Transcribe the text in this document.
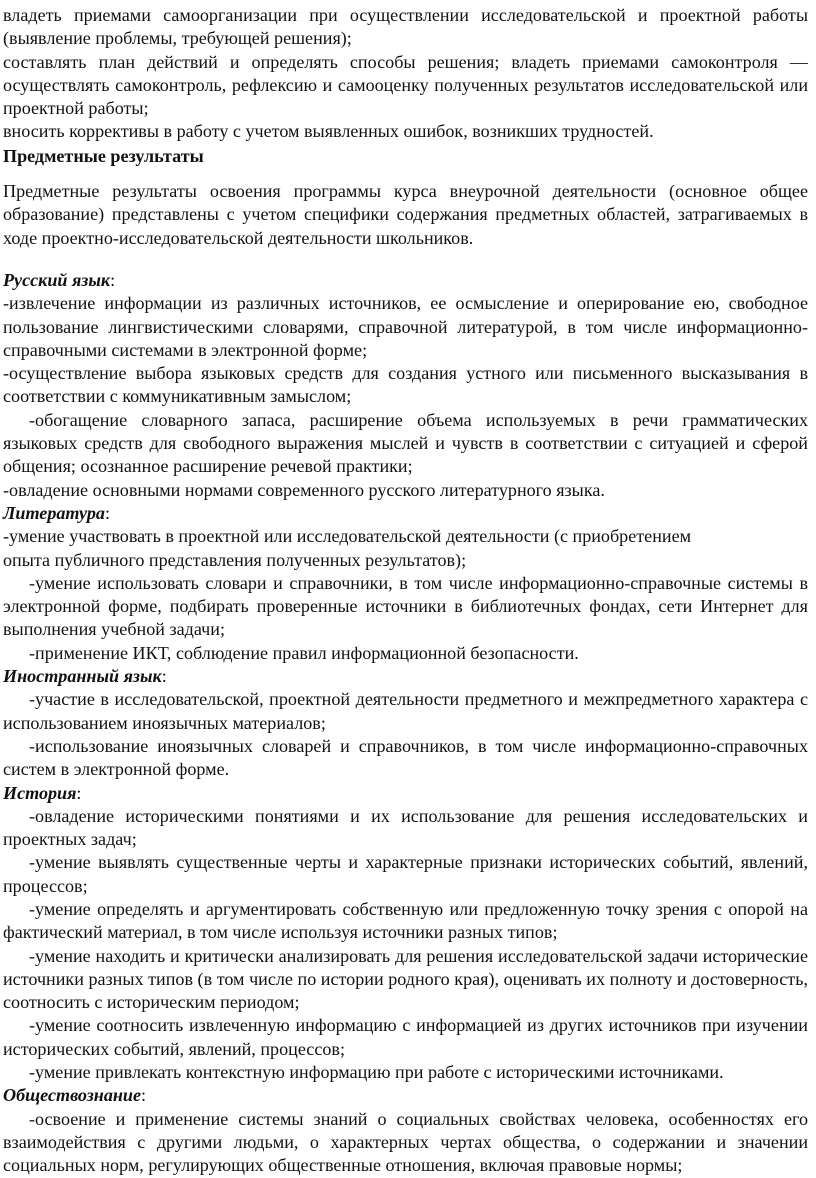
владеть приемами самоорганизации при осуществлении исследовательской и проектной работы (выявление проблемы, требующей решения);

составлять план действий и определять способы решения; владеть приемами самоконтроля — осуществлять самоконтроль, рефлексию и самооценку полученных результатов исследовательской или проектной работы;

вносить коррективы в работу с учетом выявленных ошибок, возникших трудностей.

Предметные результаты

Предметные результаты освоения программы курса внеурочной деятельности (основное общее образование) представлены с учетом специфики содержания предметных областей, затрагиваемых в ходе проектно-исследовательской деятельности школьников.

Русский язык:

-извлечение информации из различных источников, ее осмысление и оперирование ею, свободное пользование лингвистическими словарями, справочной литературой, в том числе информационно-справочными системами в электронной форме;

-осуществление выбора языковых средств для создания устного или письменного высказывания в соответствии с коммуникативным замыслом;

-обогащение словарного запаса, расширение объема используемых в речи грамматических языковых средств для свободного выражения мыслей и чувств в соответствии с ситуацией и сферой общения; осознанное расширение речевой практики;

-овладение основными нормами современного русского литературного языка.

Литература:

-умение участвовать в проектной или исследовательской деятельности (с приобретением

опыта публичного представления полученных результатов);

-умение использовать словари и справочники, в том числе информационно-справочные системы в электронной форме, подбирать проверенные источники в библиотечных фондах, сети Интернет для выполнения учебной задачи;

-применение ИКТ, соблюдение правил информационной безопасности.

Иностранный язык:

-участие в исследовательской, проектной деятельности предметного и межпредметного характера с использованием иноязычных материалов;

-использование иноязычных словарей и справочников, в том числе информационно-справочных систем в электронной форме.

История:

-овладение историческими понятиями и их использование для решения исследовательских и проектных задач;

-умение выявлять существенные черты и характерные признаки исторических событий, явлений, процессов;

-умение определять и аргументировать собственную или предложенную точку зрения с опорой на фактический материал, в том числе используя источники разных типов;

-умение находить и критически анализировать для решения исследовательской задачи исторические источники разных типов (в том числе по истории родного края), оценивать их полноту и достоверность, соотносить с историческим периодом;

-умение соотносить извлеченную информацию с информацией из других источников при изучении исторических событий, явлений, процессов;

-умение привлекать контекстную информацию при работе с историческими источниками.

Обществознание:

-освоение и применение системы знаний о социальных свойствах человека, особенностях его взаимодействия с другими людьми, о характерных чертах общества, о содержании и значении социальных норм, регулирующих общественные отношения, включая правовые нормы;
